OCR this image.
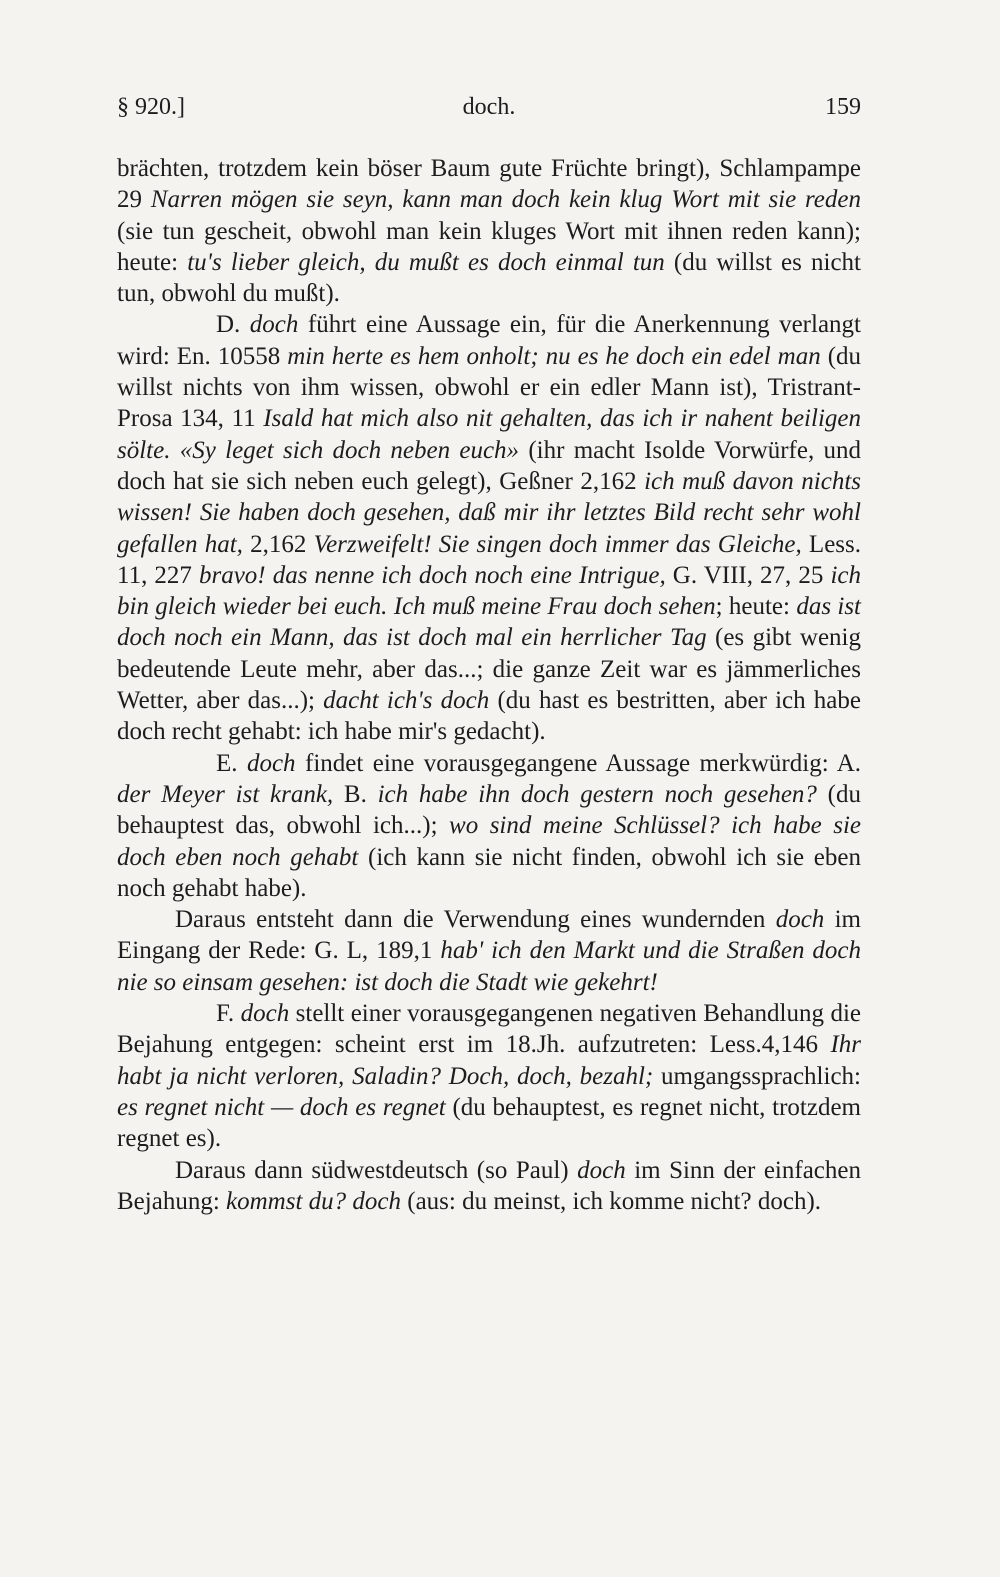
§ 920.]	doch.	159

brächten, trotzdem kein böser Baum gute Früchte bringt), Schlampampe 29 Narren mögen sie seyn, kann man doch kein klug Wort mit sie reden (sie tun gescheit, obwohl man kein kluges Wort mit ihnen reden kann); heute: tu's lieber gleich, du mußt es doch einmal tun (du willst es nicht tun, obwohl du mußt).

D. doch führt eine Aussage ein, für die Anerkennung verlangt wird: En. 10558 min herte es hem onholt; nu es he doch ein edel man (du willst nichts von ihm wissen, obwohl er ein edler Mann ist), Tristrant-Prosa 134, 11 Isald hat mich also nit gehalten, das ich ir nahent beiligen sölte. «Sy leget sich doch neben euch» (ihr macht Isolde Vorwürfe, und doch hat sie sich neben euch gelegt), Geßner 2,162 ich muß davon nichts wissen! Sie haben doch gesehen, daß mir ihr letztes Bild recht sehr wohl gefallen hat, 2,162 Verzweifelt! Sie singen doch immer das Gleiche, Less. 11, 227 bravo! das nenne ich doch noch eine Intrigue, G. VIII, 27, 25 ich bin gleich wieder bei euch. Ich muß meine Frau doch sehen; heute: das ist doch noch ein Mann, das ist doch mal ein herrlicher Tag (es gibt wenig bedeutende Leute mehr, aber das...; die ganze Zeit war es jämmerliches Wetter, aber das...); dacht ich's doch (du hast es bestritten, aber ich habe doch recht gehabt: ich habe mir's gedacht).

E. doch findet eine vorausgegangene Aussage merkwürdig: A. der Meyer ist krank, B. ich habe ihn doch gestern noch gesehen? (du behauptest das, obwohl ich...); wo sind meine Schlüssel? ich habe sie doch eben noch gehabt (ich kann sie nicht finden, obwohl ich sie eben noch gehabt habe).

Daraus entsteht dann die Verwendung eines wundernden doch im Eingang der Rede: G. L, 189,1 hab' ich den Markt und die Straßen doch nie so einsam gesehen: ist doch die Stadt wie gekehrt!

F. doch stellt einer vorausgegangenen negativen Behandlung die Bejahung entgegen: scheint erst im 18.Jh. aufzutreten: Less.4,146 Ihr habt ja nicht verloren, Saladin? Doch, doch, bezahl; umgangssprachlich: es regnet nicht — doch es regnet (du behauptest, es regnet nicht, trotzdem regnet es).

Daraus dann südwestdeutsch (so Paul) doch im Sinn der einfachen Bejahung: kommst du? doch (aus: du meinst, ich komme nicht? doch).
